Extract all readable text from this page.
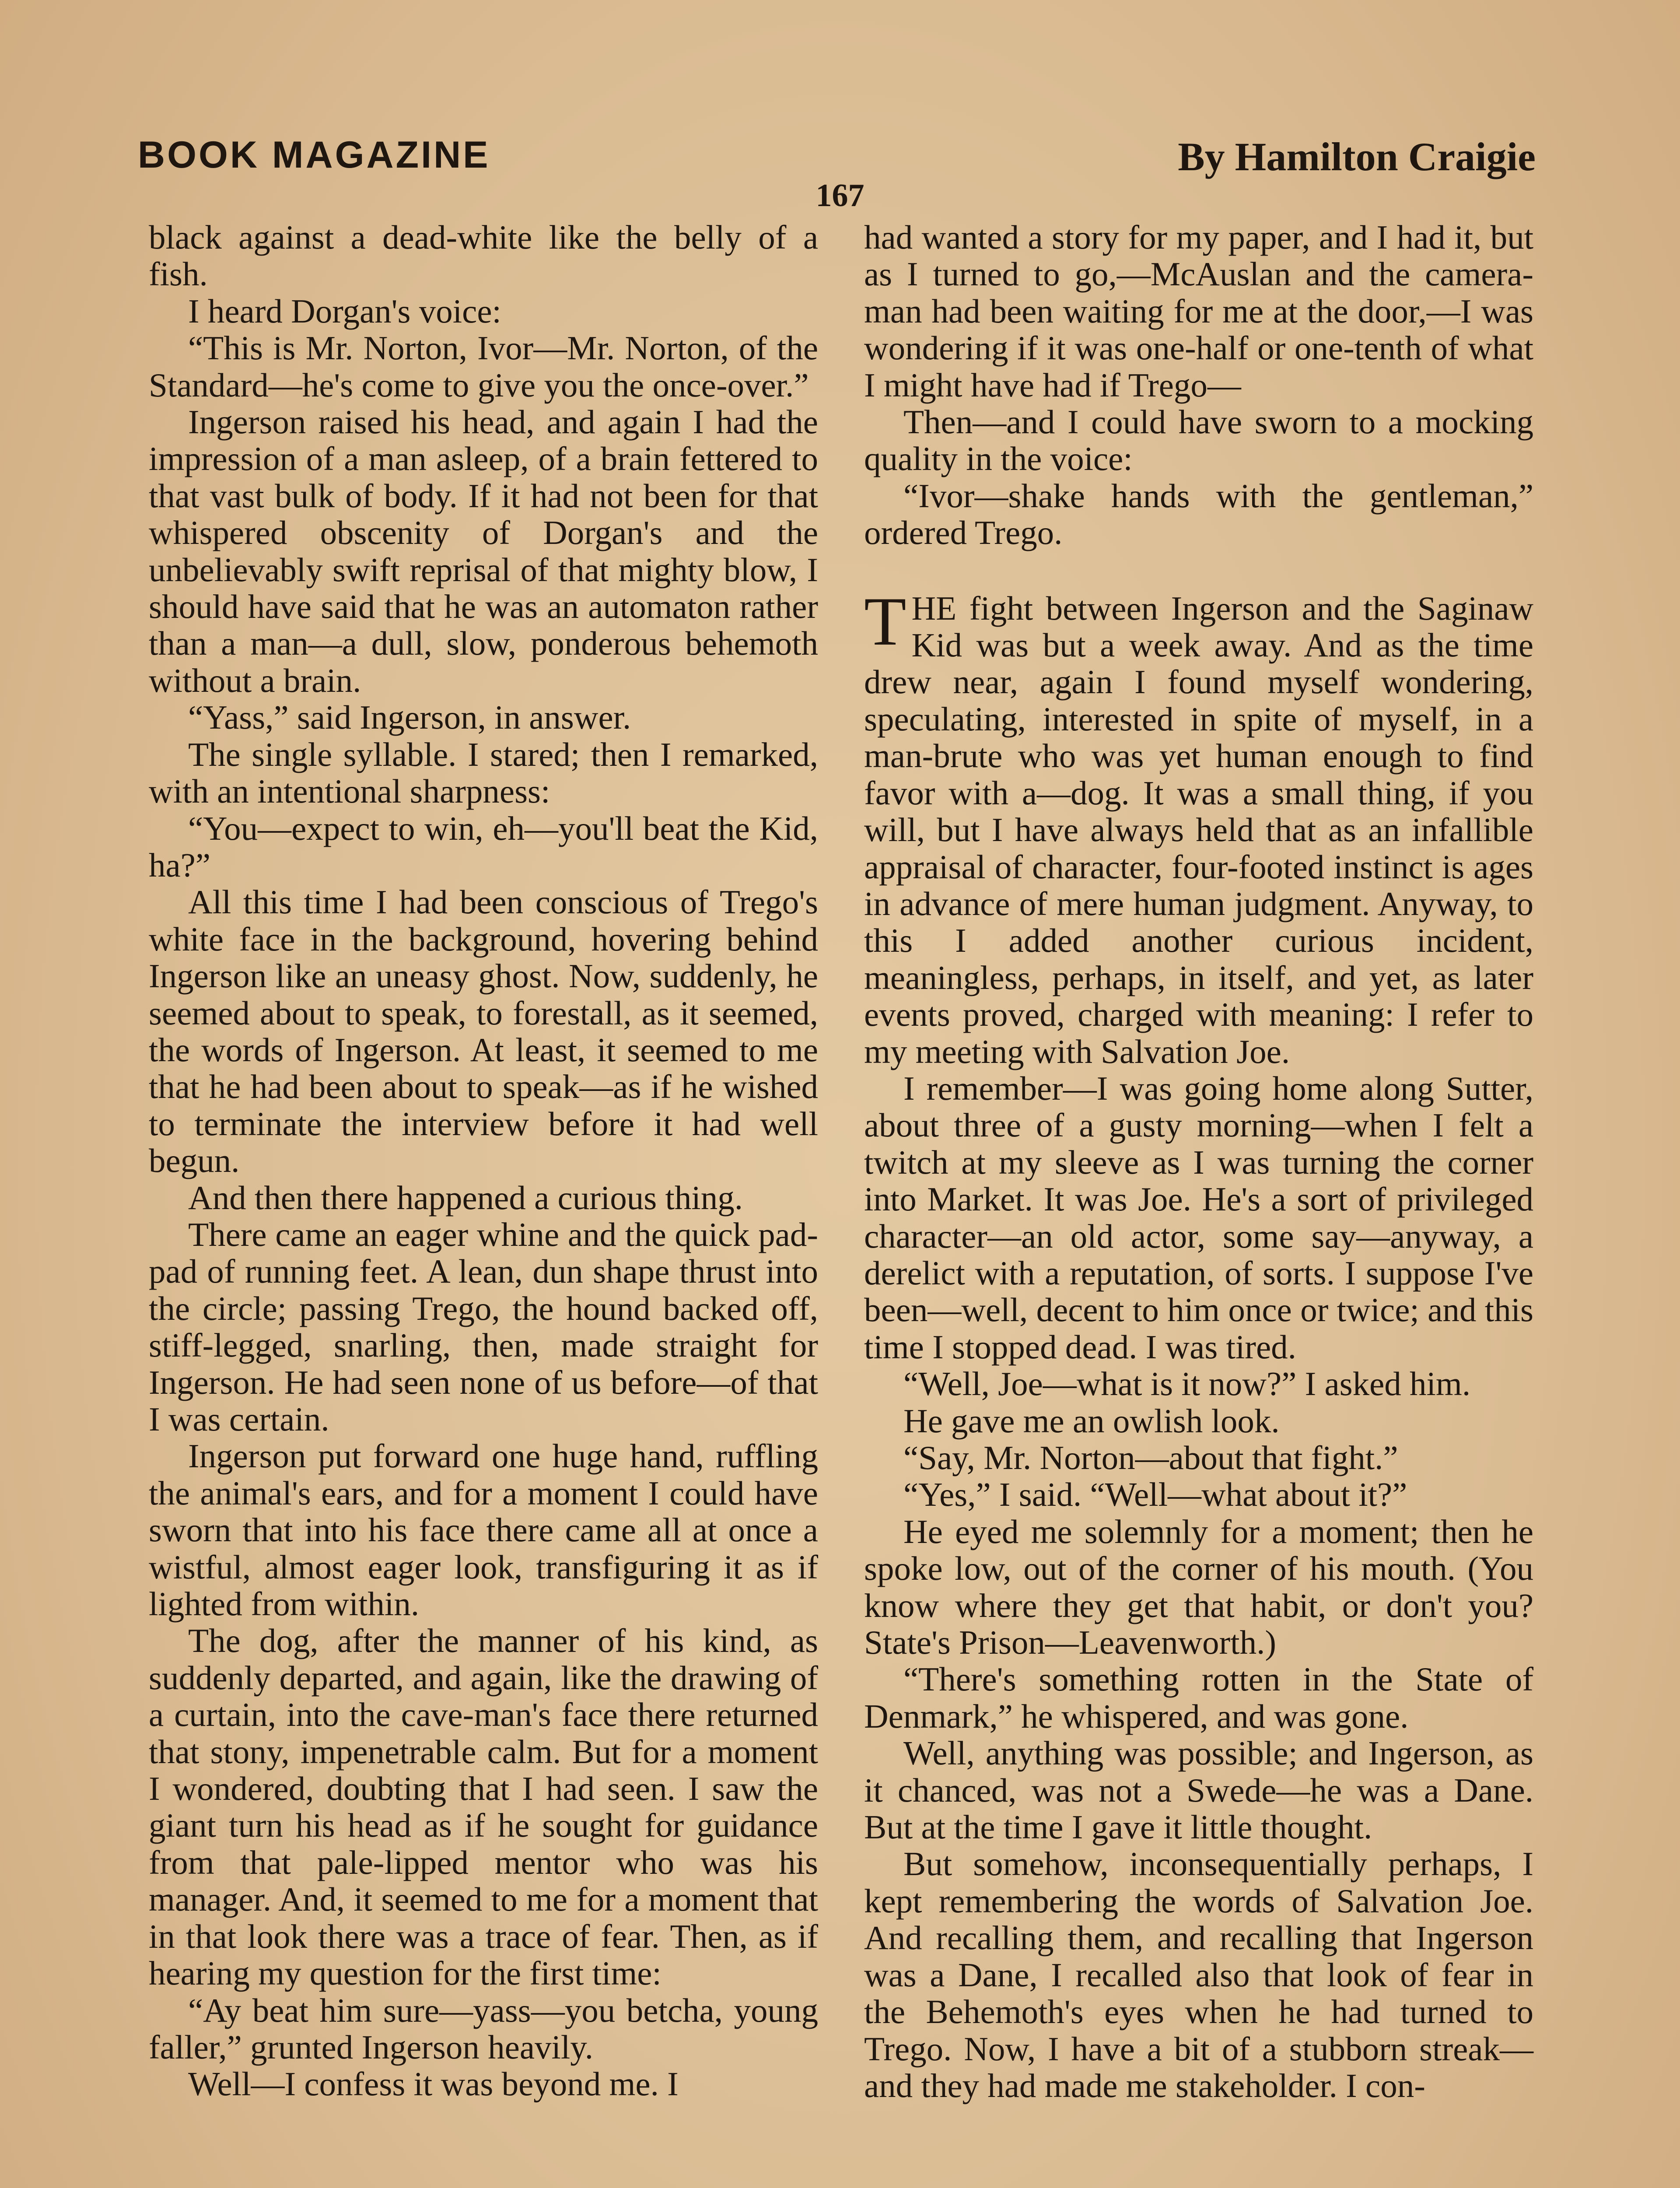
BOOK MAGAZINE	By Hamilton Craigie
167

black against a dead-white like the belly of a fish.

I heard Dorgan's voice:

“This is Mr. Norton, Ivor—Mr. Norton, of the Standard—he's come to give you the once-over.”

Ingerson raised his head, and again I had the impression of a man asleep, of a brain fettered to that vast bulk of body. If it had not been for that whispered obscenity of Dorgan's and the unbelievably swift reprisal of that mighty blow, I should have said that he was an automaton rather than a man—a dull, slow, ponderous behemoth without a brain.

“Yass,” said Ingerson, in answer.

The single syllable. I stared; then I remarked, with an intentional sharpness:

“You—expect to win, eh—you'll beat the Kid, ha?”

All this time I had been conscious of Trego's white face in the background, hovering behind Ingerson like an uneasy ghost. Now, suddenly, he seemed about to speak, to forestall, as it seemed, the words of Ingerson. At least, it seemed to me that he had been about to speak—as if he wished to terminate the interview before it had well begun.

And then there happened a curious thing.

There came an eager whine and the quick pad-pad of running feet. A lean, dun shape thrust into the circle; passing Trego, the hound backed off, stiff-legged, snarling, then, made straight for Ingerson. He had seen none of us before—of that I was certain.

Ingerson put forward one huge hand, ruffling the animal's ears, and for a moment I could have sworn that into his face there came all at once a wistful, almost eager look, transfiguring it as if lighted from within.

The dog, after the manner of his kind, as suddenly departed, and again, like the drawing of a curtain, into the cave-man's face there returned that stony, impenetrable calm. But for a moment I wondered, doubting that I had seen. I saw the giant turn his head as if he sought for guidance from that pale-lipped mentor who was his manager. And, it seemed to me for a moment that in that look there was a trace of fear. Then, as if hearing my question for the first time:

“Ay beat him sure—yass—you betcha, young faller,” grunted Ingerson heavily.

Well—I confess it was beyond me. I

had wanted a story for my paper, and I had it, but as I turned to go,—McAuslan and the camera-man had been waiting for me at the door,—I was wondering if it was one-half or one-tenth of what I might have had if Trego—

Then—and I could have sworn to a mocking quality in the voice:

“Ivor—shake hands with the gentleman,” ordered Trego.

THE fight between Ingerson and the Saginaw Kid was but a week away. And as the time drew near, again I found myself wondering, speculating, interested in spite of myself, in a man-brute who was yet human enough to find favor with a—dog. It was a small thing, if you will, but I have always held that as an infallible appraisal of character, four-footed instinct is ages in advance of mere human judgment. Anyway, to this I added another curious incident, meaningless, perhaps, in itself, and yet, as later events proved, charged with meaning: I refer to my meeting with Salvation Joe.

I remember—I was going home along Sutter, about three of a gusty morning—when I felt a twitch at my sleeve as I was turning the corner into Market. It was Joe. He's a sort of privileged character—an old actor, some say—anyway, a derelict with a reputation, of sorts. I suppose I've been—well, decent to him once or twice; and this time I stopped dead. I was tired.

“Well, Joe—what is it now?” I asked him.

He gave me an owlish look.

“Say, Mr. Norton—about that fight.”

“Yes,” I said. “Well—what about it?”

He eyed me solemnly for a moment; then he spoke low, out of the corner of his mouth. (You know where they get that habit, or don't you? State's Prison—Leavenworth.)

“There's something rotten in the State of Denmark,” he whispered, and was gone.

Well, anything was possible; and Ingerson, as it chanced, was not a Swede—he was a Dane. But at the time I gave it little thought.

But somehow, inconsequentially perhaps, I kept remembering the words of Salvation Joe. And recalling them, and recalling that Ingerson was a Dane, I recalled also that look of fear in the Behemoth's eyes when he had turned to Trego. Now, I have a bit of a stubborn streak—and they had made me stakeholder. I con-
